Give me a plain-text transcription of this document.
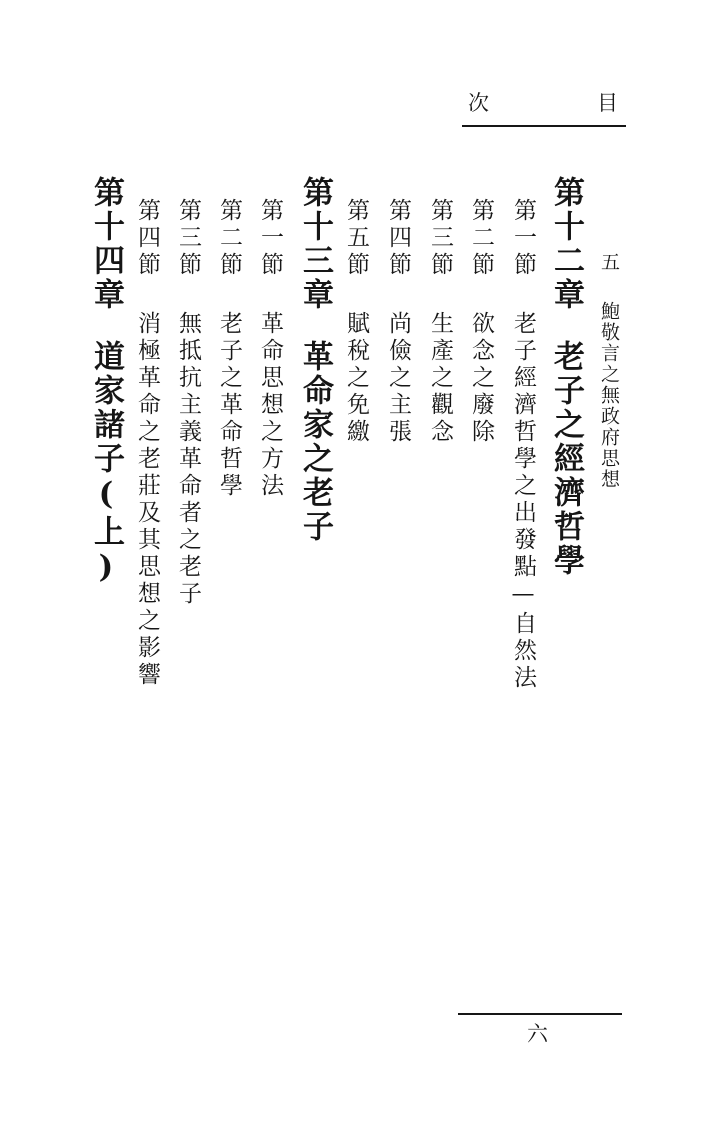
次	目
五鮑敬言之無政府思想
第十二章老子之經濟哲學
第一節老子經濟哲學之出發點—自然法
第二節欲念之廢除
第三節生產之觀念
第四節尚儉之主張
第五節賦稅之免繳
第十三章革命家之老子
第一節革命思想之方法
第二節老子之革命哲學
第三節無抵抗主義革命者之老子
第四節消極革命之老莊及其思想之影響
第十四章道家諸子(上)
六
